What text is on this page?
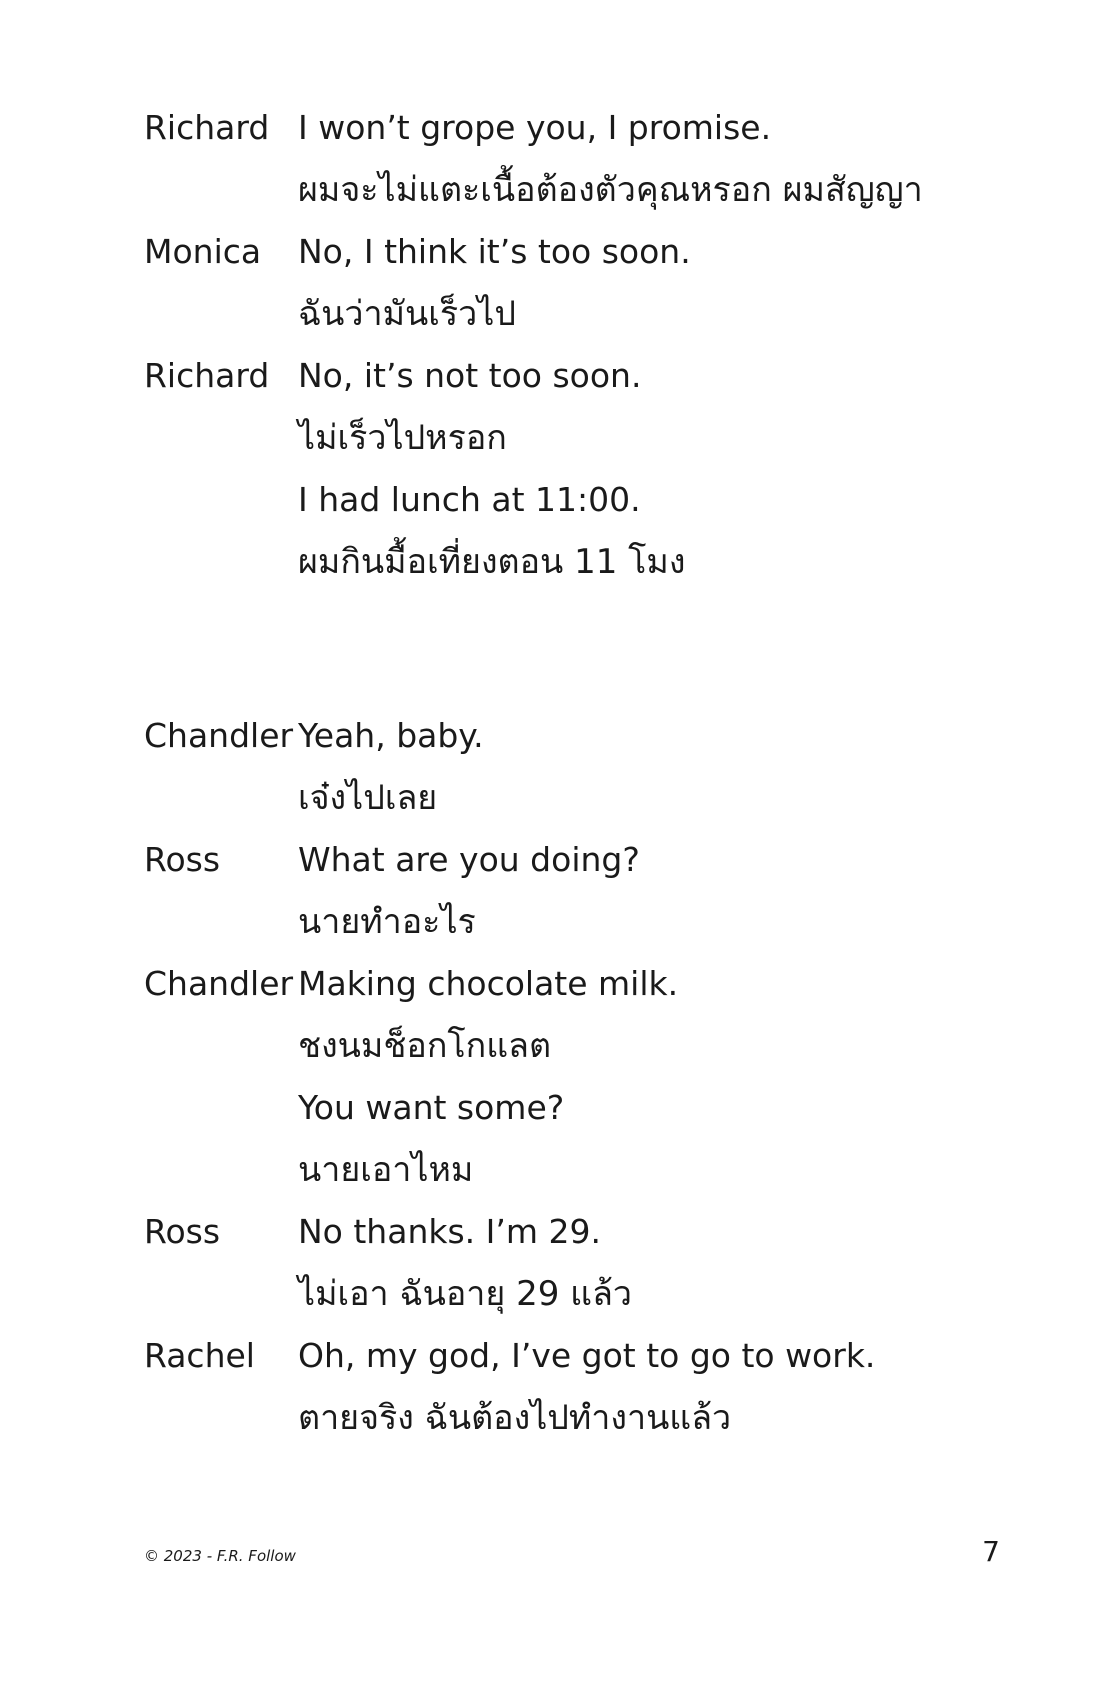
Richard I won’t grope you, I promise.
ผมจะไม่แตะเนื้อต้องตัวคุณหรอก ผมสัญญา
Monica No, I think it’s too soon.
ฉันว่ามันเร็วไป
Richard No, it’s not too soon.
ไม่เร็วไปหรอก
I had lunch at 11:00.
ผมกินมื้อเที่ยงตอน 11 โมง
Chandler Yeah, baby.
เจ๋งไปเลย
Ross What are you doing?
นายทำอะไร
Chandler Making chocolate milk.
ชงนมช็อกโกแลต
You want some?
นายเอาไหม
Ross No thanks. I’m 29.
ไม่เอา ฉันอายุ 29 แล้ว
Rachel Oh, my god, I’ve got to go to work.
ตายจริง ฉันต้องไปทำงานแล้ว
© 2023 - F.R. Follow	7
